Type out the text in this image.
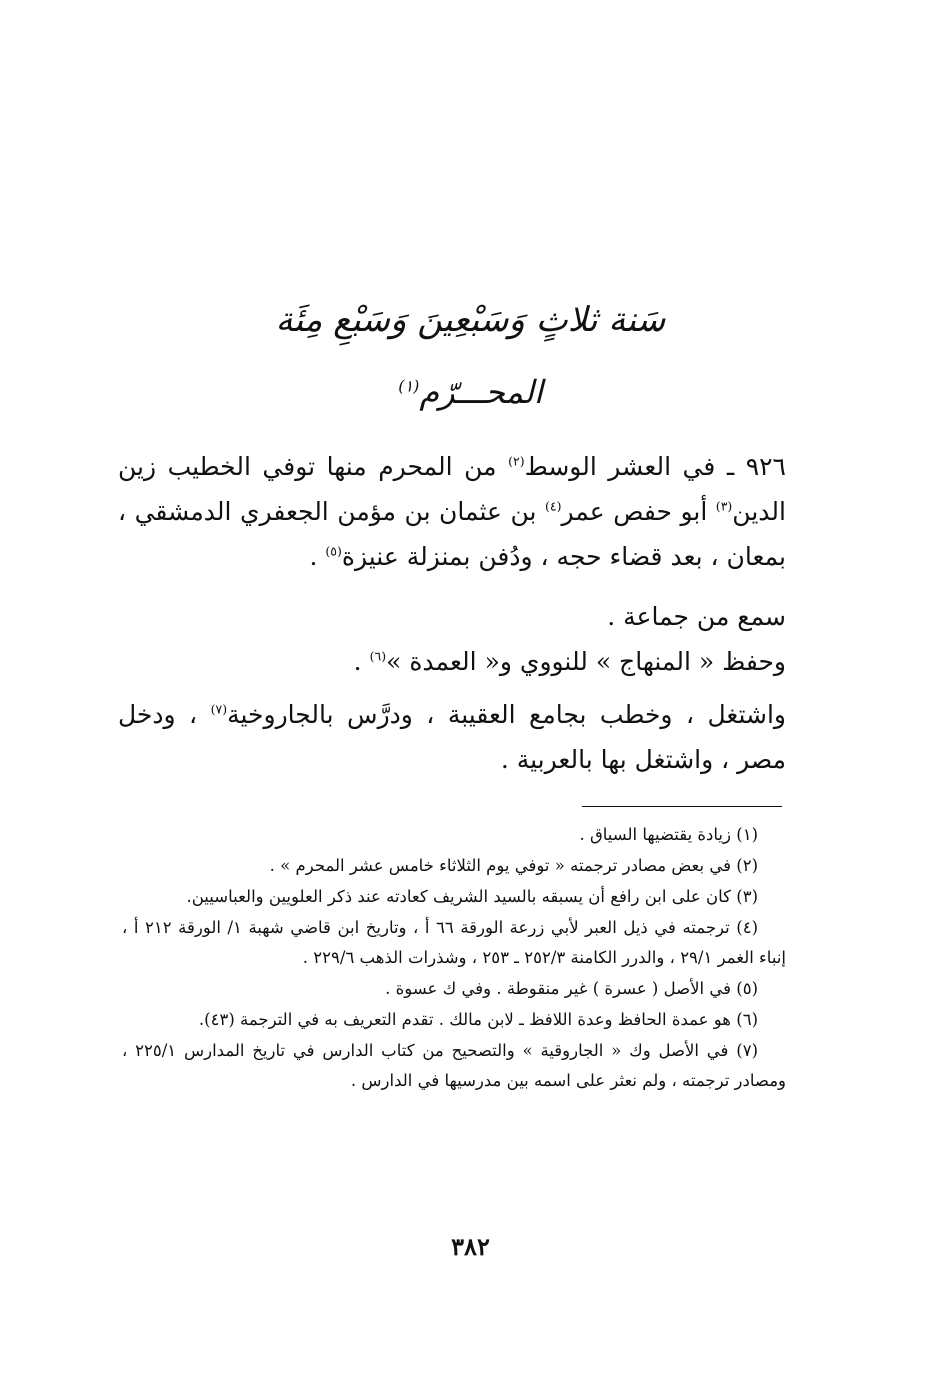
سَنة ثلاثٍ وَسَبْعِينَ وَسَبْعِ مِئَة
المحـــرّم$^{(١)}$

٩٢٦ ـ في العشر الوسط$^{(٢)}$ من المحرم منها توفي الخطيب زين الدين$^{(٣)}$ أبو حفص عمر$^{(٤)}$ بن عثمان بن مؤمن الجعفري الدمشقي ، بمعان ، بعد قضاء حجه ، ودُفن بمنزلة عنيزة$^{(٥)}$ .

سمع من جماعة .

وحفظ « المنهاج » للنووي و« العمدة »$^{(٦)}$ .

واشتغل ، وخطب بجامع العقيبة ، ودرَّس بالجاروخية$^{(٧)}$ ، ودخل مصر ، واشتغل بها بالعربية .

(١) زيادة يقتضيها السياق .

(٢) في بعض مصادر ترجمته « توفي يوم الثلاثاء خامس عشر المحرم » .

(٣) كان على ابن رافع أن يسبقه بالسيد الشريف كعادته عند ذكر العلويين والعباسيين.

(٤) ترجمته في ذيل العبر لأبي زرعة الورقة ٦٦ أ ، وتاريخ ابن قاضي شهبة ١/ الورقة ٢١٢ أ ، إنباء الغمر ٢٩/١ ، والدرر الكامنة ٢٥٢/٣ ـ ٢٥٣ ، وشذرات الذهب ٢٢٩/٦ .

(٥) في الأصل ( عسرة ) غير منقوطة . وفي ك عسوة .

(٦) هو عمدة الحافظ وعدة اللافظ ـ لابن مالك . تقدم التعريف به في الترجمة (٤٣).

(٧) في الأصل وك « الجاروقية » والتصحيح من كتاب الدارس في تاريخ المدارس ٢٢٥/١ ، ومصادر ترجمته ، ولم نعثر على اسمه بين مدرسيها في الدارس .

٣٨٢
